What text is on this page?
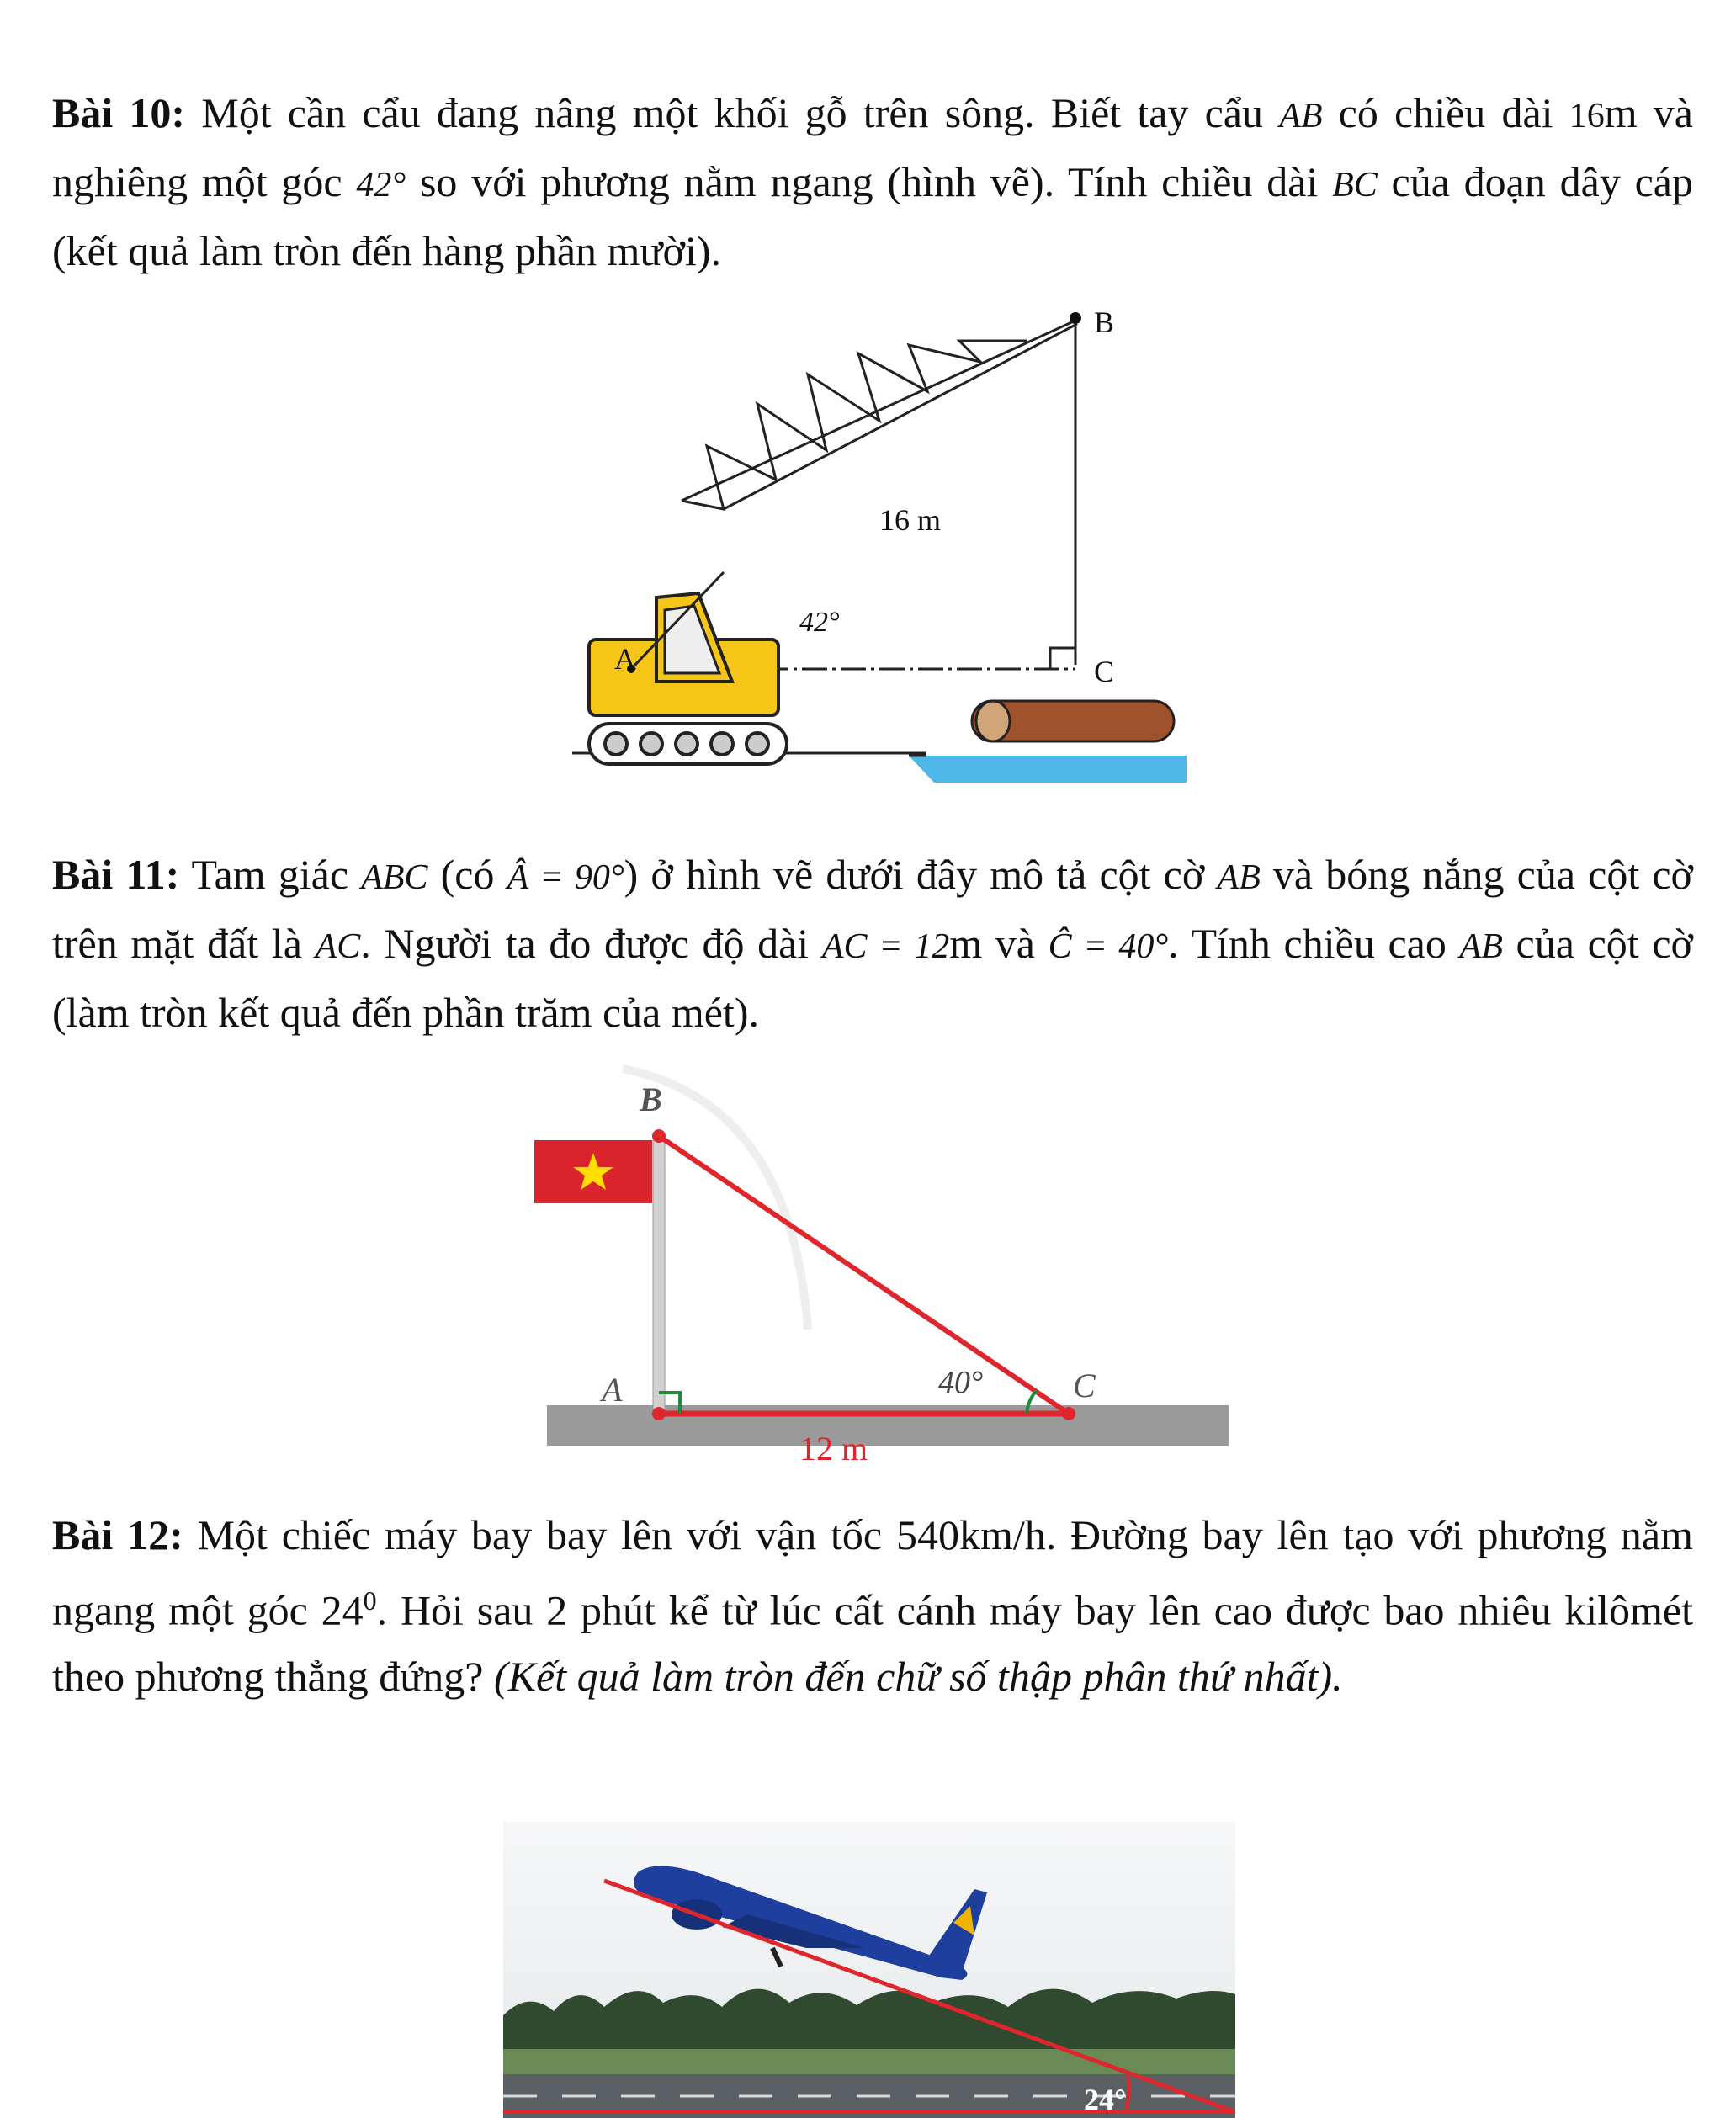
Bài 10: Một cần cẩu đang nâng một khối gỗ trên sông. Biết tay cẩu AB có chiều dài 16m và nghiêng một góc 42° so với phương nằm ngang (hình vẽ). Tính chiều dài BC của đoạn dây cáp (kết quả làm tròn đến hàng phần mười).
B
A	C
16 m
42°
Bài 11: Tam giác ABC (có Â = 90°) ở hình vẽ dưới đây mô tả cột cờ AB và bóng nắng của cột cờ trên mặt đất là AC. Người ta đo được độ dài AC = 12m và Ĉ = 40°. Tính chiều cao AB của cột cờ (làm tròn kết quả đến phần trăm của mét).
B
A	C
40°
12 m
Bài 12: Một chiếc máy bay bay lên với vận tốc 540km/h. Đường bay lên tạo với phương nằm ngang một góc $24^0$. Hỏi sau 2 phút kể từ lúc cất cánh máy bay lên cao được bao nhiêu kilômét theo phương thẳng đứng? (Kết quả làm tròn đến chữ số thập phân thứ nhất).
24°
